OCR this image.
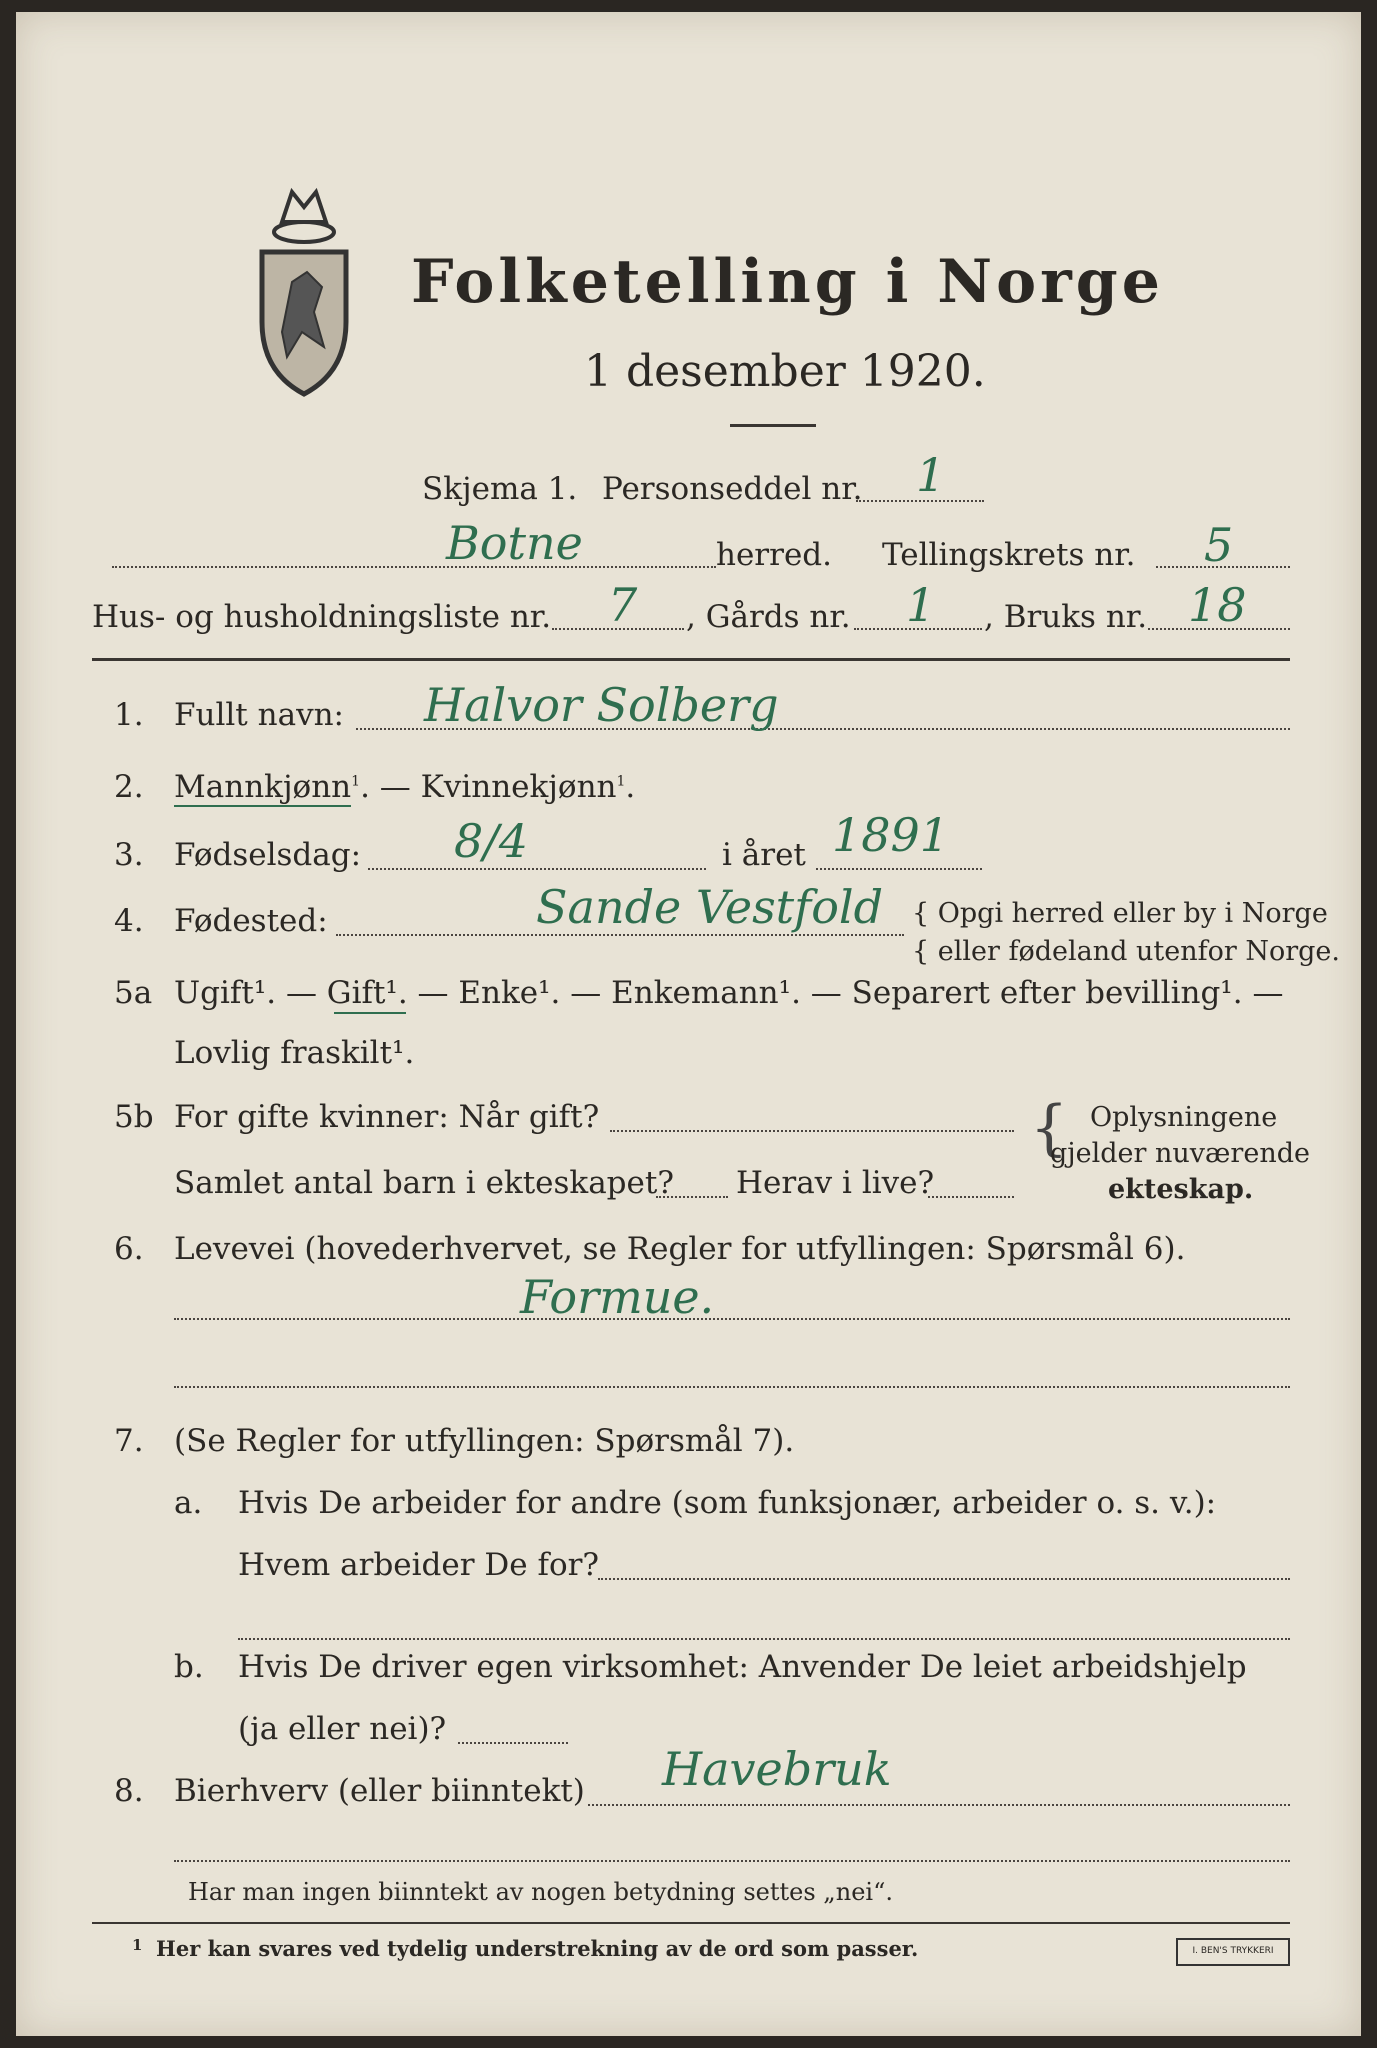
Folketelling i Norge
1 desember 1920.
Skjema 1. Personseddel nr. 1
Botne	herred. Tellingskrets nr. 5
Hus- og husholdningsliste nr. 7 , Gårds nr. 1 , Bruks nr. 18
1. Fullt navn: Halvor Solberg
2. Mannkjønn$^1$. — Kvinnekjønn$^1$.
3. Fødselsdag: 8/4	i året 1891
4. Fødested:	Sande Vestfold { Opgi herred eller by i Norge
{ eller fødeland utenfor Norge.
5a Ugift¹. — Gift¹. — Enke¹. — Enkemann¹. — Separert efter bevilling¹. —
Lovlig fraskilt¹.
5b For gifte kvinner: Når gift?
Samlet antal barn i ekteskapet? Herav i live?
{ Oplysningene
gjelder nuværende
ekteskap.
6. Levevei (hovederhvervet, se Regler for utfyllingen: Spørsmål 6).
Formue.
7. (Se Regler for utfyllingen: Spørsmål 7).
a. Hvis De arbeider for andre (som funksjonær, arbeider o. s. v.):
Hvem arbeider De for?
b. Hvis De driver egen virksomhet: Anvender De leiet arbeidshjelp
(ja eller nei)?
8. Bierhverv (eller biinntekt) Havebruk
Har man ingen biinntekt av nogen betydning settes „nei“.
1 Her kan svares ved tydelig understrekning av de ord som passer.	I. BEN'S TRYKKERI
